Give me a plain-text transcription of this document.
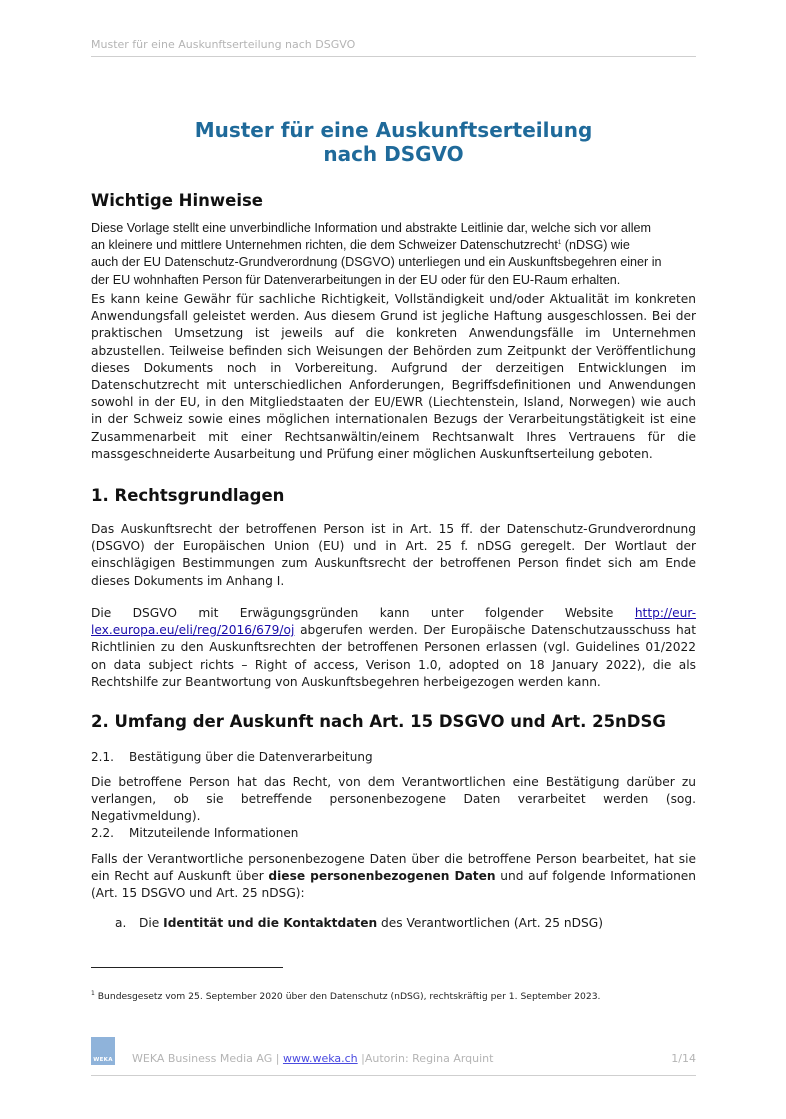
Muster für eine Auskunftserteilung nach DSGVO
Muster für eine Auskunftserteilung
nach DSGVO
Wichtige Hinweise
Diese Vorlage stellt eine unverbindliche Information und abstrakte Leitlinie dar, welche sich vor allem
an kleinere und mittlere Unternehmen richten, die dem Schweizer Datenschutzrecht$^1$ (nDSG) wie
auch der EU Datenschutz-Grundverordnung (DSGVO) unterliegen und ein Auskunftsbegehren einer in
der EU wohnhaften Person für Datenverarbeitungen in der EU oder für den EU-Raum erhalten.
Es kann keine Gewähr für sachliche Richtigkeit, Vollständigkeit und/oder Aktualität im konkreten Anwendungsfall geleistet werden. Aus diesem Grund ist jegliche Haftung ausgeschlossen. Bei der praktischen Umsetzung ist jeweils auf die konkreten Anwendungsfälle im Unternehmen abzustellen. Teilweise befinden sich Weisungen der Behörden zum Zeitpunkt der Veröffentlichung dieses Dokuments noch in Vorbereitung. Aufgrund der derzeitigen Entwicklungen im Datenschutzrecht mit unterschiedlichen Anforderungen, Begriffsdefinitionen und Anwendungen sowohl in der EU, in den Mitgliedstaaten der EU/EWR (Liechtenstein, Island, Norwegen) wie auch in der Schweiz sowie eines möglichen internationalen Bezugs der Verarbeitungstätigkeit ist eine Zusammenarbeit mit einer Rechtsanwältin/einem Rechtsanwalt Ihres Vertrauens für die massgeschneiderte Ausarbeitung und Prüfung einer möglichen Auskunftserteilung geboten.
1. Rechtsgrundlagen
Das Auskunftsrecht der betroffenen Person ist in Art. 15 ff. der Datenschutz-Grundverordnung (DSGVO) der Europäischen Union (EU) und in Art. 25 f. nDSG geregelt. Der Wortlaut der einschlägigen Bestimmungen zum Auskunftsrecht der betroffenen Person findet sich am Ende dieses Dokuments im Anhang I.
Die DSGVO mit Erwägungsgründen kann unter folgender Website http://eur-lex.europa.eu/eli/reg/2016/679/oj abgerufen werden. Der Europäische Datenschutzausschuss hat Richtlinien zu den Auskunftsrechten der betroffenen Personen erlassen (vgl. Guidelines 01/2022 on data subject richts – Right of access, Verison 1.0, adopted on 18 January 2022), die als Rechtshilfe zur Beantwortung von Auskunftsbegehren herbeigezogen werden kann.
2. Umfang der Auskunft nach Art. 15 DSGVO und Art. 25nDSG
2.1. Bestätigung über die Datenverarbeitung
Die betroffene Person hat das Recht, von dem Verantwortlichen eine Bestätigung darüber zu verlangen, ob sie betreffende personenbezogene Daten verarbeitet werden (sog. Negativmeldung).
2.2. Mitzuteilende Informationen
Falls der Verantwortliche personenbezogene Daten über die betroffene Person bearbeitet, hat sie ein Recht auf Auskunft über diese personenbezogenen Daten und auf folgende Informationen (Art. 15 DSGVO und Art. 25 nDSG):
a. Die Identität und die Kontaktdaten des Verantwortlichen (Art. 25 nDSG)
$^1$ Bundesgesetz vom 25. September 2020 über den Datenschutz (nDSG), rechtskräftig per 1. September 2023.
WEKA WEKA Business Media AG | www.weka.ch |Autorin: Regina Arquint	1/14
